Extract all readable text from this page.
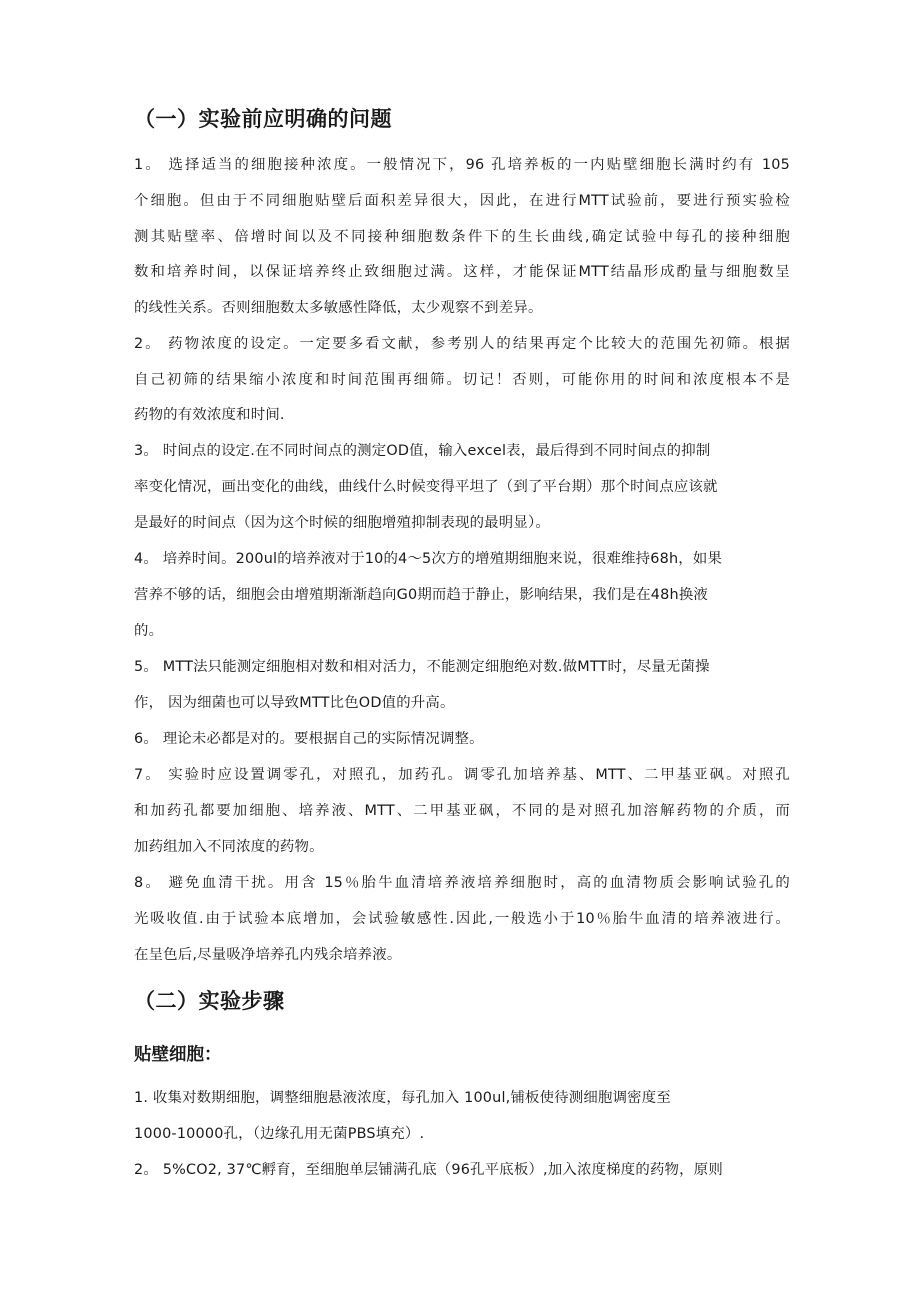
（一）实验前应明确的问题
1。 选择适当的细胞接种浓度。一般情况下，96 孔培养板的一内贴壁细胞长满时约有 105
个细胞。但由于不同细胞贴壁后面积差异很大，因此，在进行MTT试验前，要进行预实验检
测其贴壁率、倍增时间以及不同接种细胞数条件下的生长曲线,确定试验中每孔的接种细胞
数和培养时间，以保证培养终止致细胞过满。这样，才能保证MTT结晶形成酌量与细胞数呈
的线性关系。否则细胞数太多敏感性降低，太少观察不到差异。
2。 药物浓度的设定。一定要多看文献，参考别人的结果再定个比较大的范围先初筛。根据
自己初筛的结果缩小浓度和时间范围再细筛。切记！否则，可能你用的时间和浓度根本不是
药物的有效浓度和时间.
3。 时间点的设定.在不同时间点的测定OD值，输入excel表，最后得到不同时间点的抑制
率变化情况，画出变化的曲线，曲线什么时候变得平坦了（到了平台期）那个时间点应该就
是最好的时间点（因为这个时候的细胞增殖抑制表现的最明显）。
4。 培养时间。200ul的培养液对于10的4～5次方的增殖期细胞来说，很难维持68h，如果
营养不够的话，细胞会由增殖期渐渐趋向G0期而趋于静止，影响结果，我们是在48h换液
的。
5。 MTT法只能测定细胞相对数和相对活力，不能测定细胞绝对数.做MTT时，尽量无菌操
作， 因为细菌也可以导致MTT比色OD值的升高。
6。 理论未必都是对的。要根据自己的实际情况调整。
7。 实验时应设置调零孔，对照孔，加药孔。调零孔加培养基、MTT、二甲基亚砜。对照孔
和加药孔都要加细胞、培养液、MTT、二甲基亚砜，不同的是对照孔加溶解药物的介质，而
加药组加入不同浓度的药物。
8。 避免血清干扰。用含 15％胎牛血清培养液培养细胞时，高的血清物质会影响试验孔的
光吸收值.由于试验本底增加，会试验敏感性.因此,一般选小于10％胎牛血清的培养液进行。
在呈色后,尽量吸净培养孔内残余培养液。
（二）实验步骤
贴壁细胞：
1. 收集对数期细胞，调整细胞悬液浓度，每孔加入 100ul,铺板使待测细胞调密度至
1000-10000孔，（边缘孔用无菌PBS填充）.
2。 5%CO2, 37℃孵育，至细胞单层铺满孔底（96孔平底板）,加入浓度梯度的药物，原则
